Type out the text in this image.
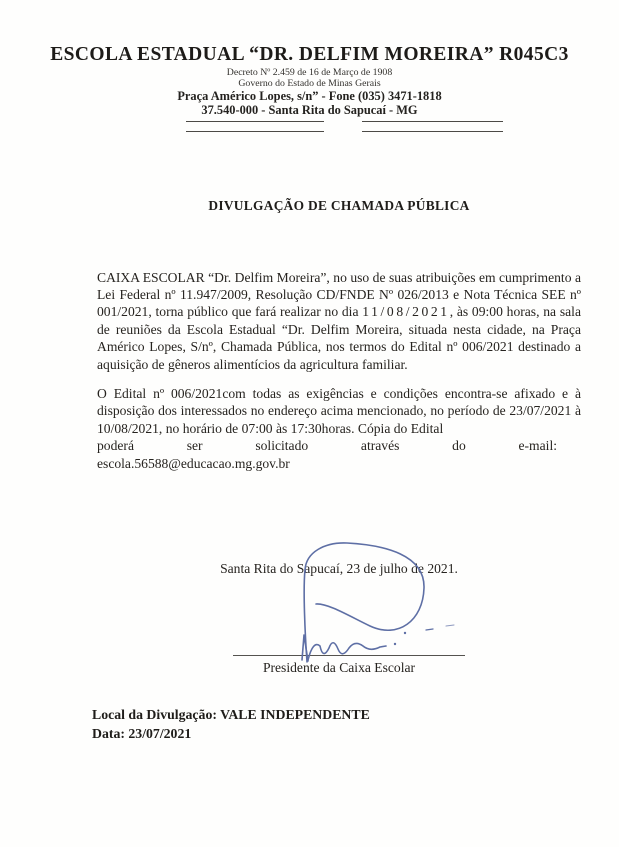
ESCOLA ESTADUAL “DR. DELFIM MOREIRA” R045C3
Decreto Nº 2.459 de 16 de Março de 1908
Governo do Estado de Minas Gerais
Praça Américo Lopes, s/n” - Fone (035) 3471-1818
37.540-000 - Santa Rita do Sapucaí - MG
DIVULGAÇÃO DE CHAMADA PÚBLICA

CAIXA ESCOLAR “Dr. Delfim Moreira”, no uso de suas atribuições em cumprimento a Lei Federal nº 11.947/2009, Resolução CD/FNDE Nº 026/2013 e Nota Técnica SEE nº 001/2021, torna público que fará realizar no dia 11/08/2021, às 09:00 horas, na sala de reuniões da Escola Estadual “Dr. Delfim Moreira, situada nesta cidade, na Praça Américo Lopes, S/nº, Chamada Pública, nos termos do Edital nº 006/2021 destinado a aquisição de gêneros alimentícios da agricultura familiar.

O Edital nº 006/2021com todas as exigências e condições encontra-se afixado e à disposição dos interessados no endereço acima mencionado, no período de 23/07/2021 à 10/08/2021, no horário de 07:00 às 17:30horas. Cópia do Edital
poderá ser solicitado através do e-mail:
escola.56588@educacao.mg.gov.br
Santa Rita do Sapucaí, 23 de julho de 2021.
Presidente da Caixa Escolar
Local da Divulgação: VALE INDEPENDENTE
Data: 23/07/2021
